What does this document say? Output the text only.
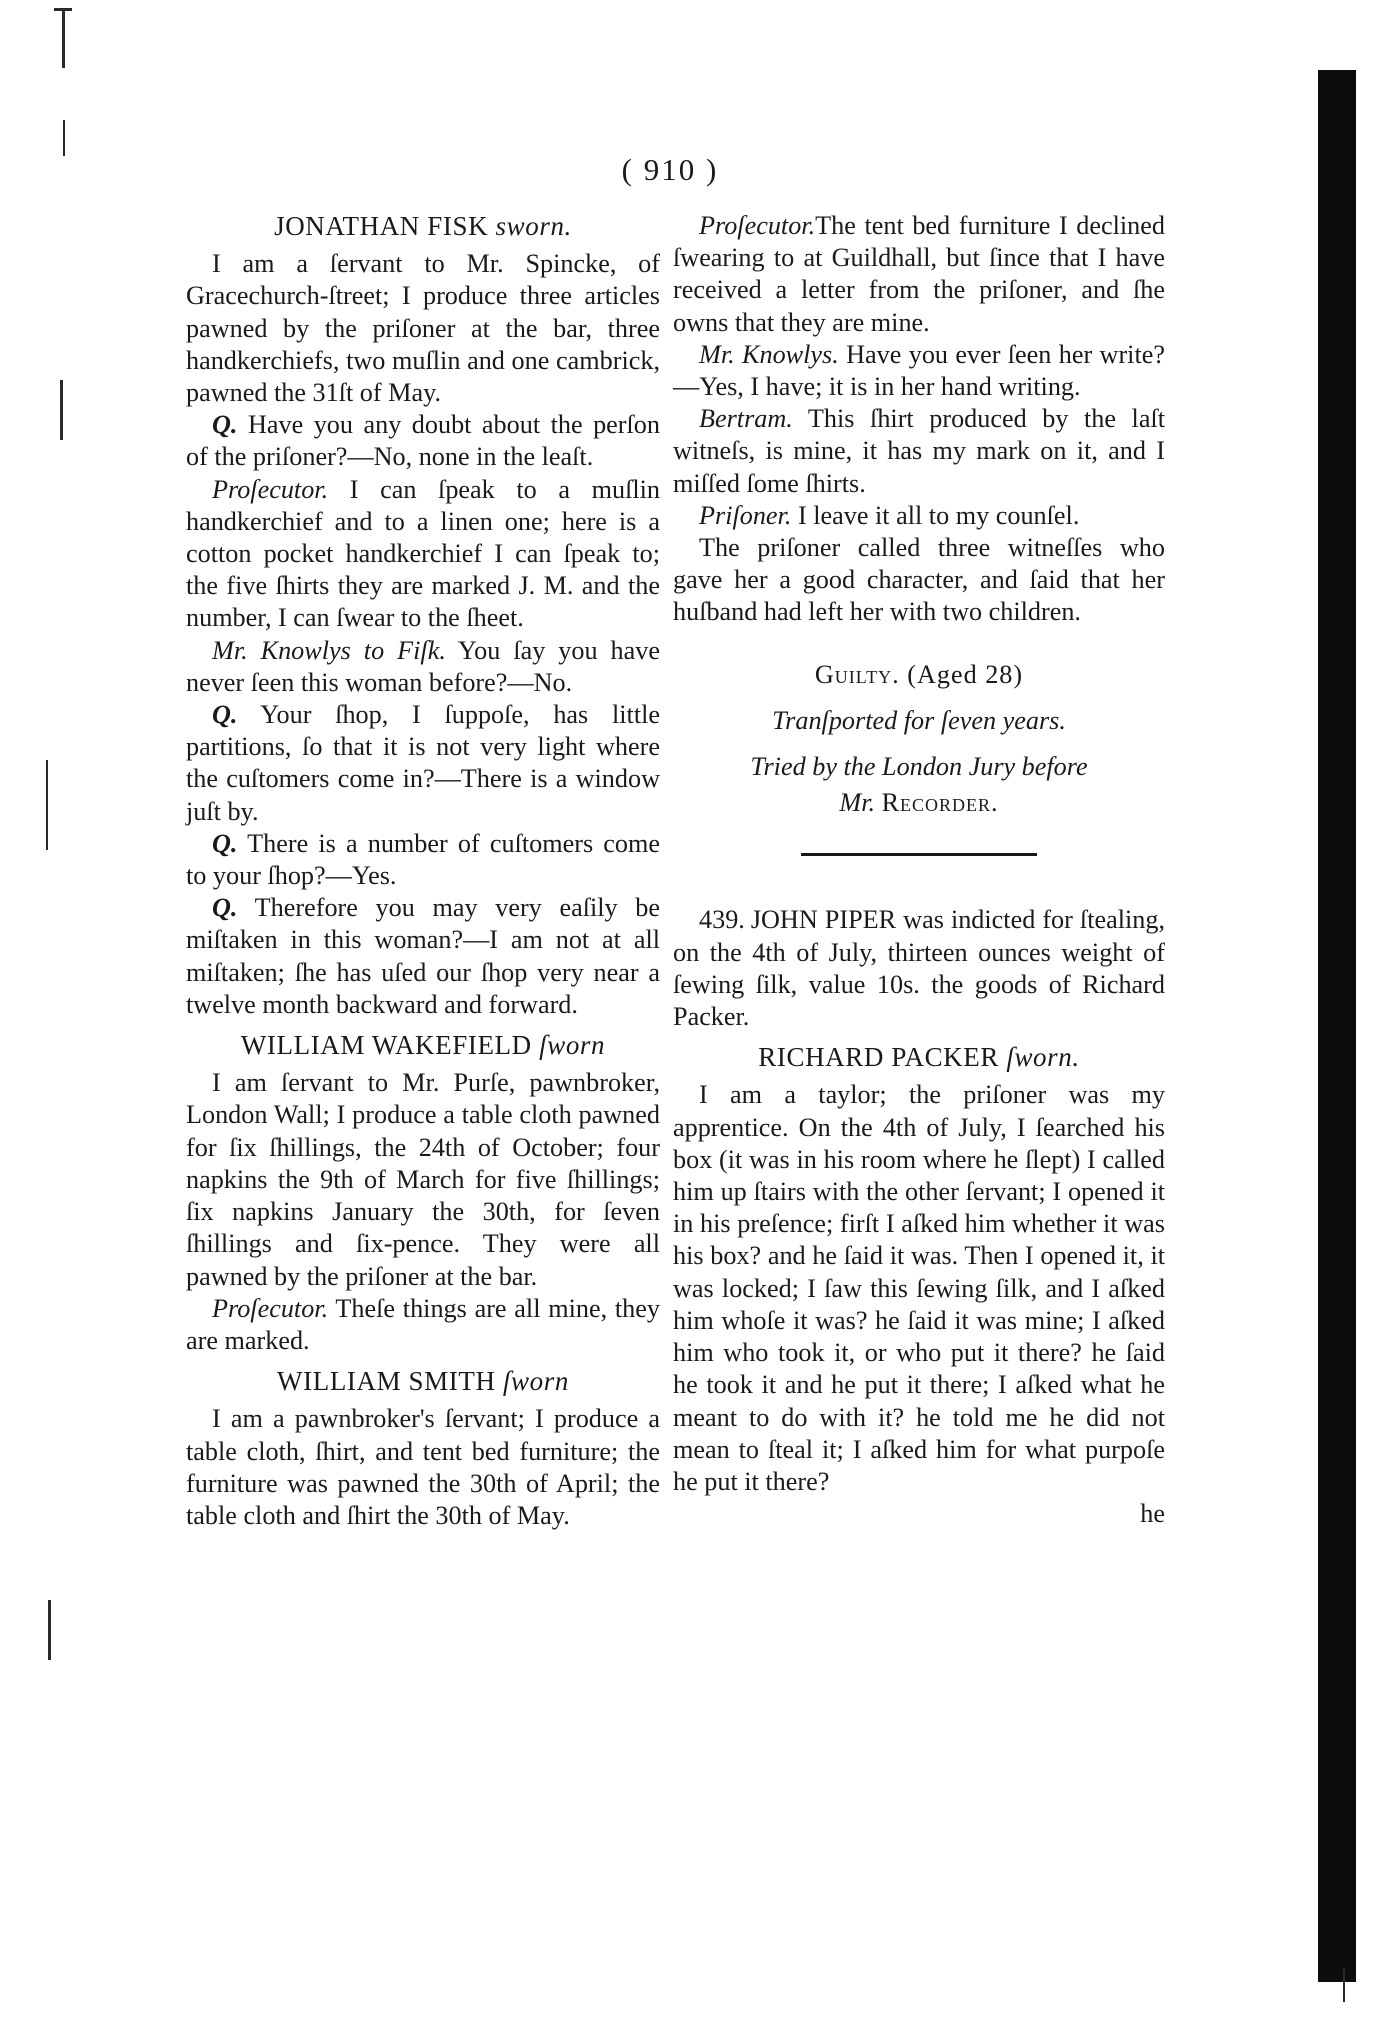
( 910 )

JONATHAN FISK sworn.

I am a ſervant to Mr. Spincke, of Gracechurch-ſtreet; I produce three articles pawned by the priſoner at the bar, three handkerchiefs, two muſlin and one cambrick, pawned the 31ſt of May.

Q. Have you any doubt about the perſon of the priſoner?—No, none in the leaſt.

Proſecutor. I can ſpeak to a muſlin handkerchief and to a linen one; here is a cotton pocket handkerchief I can ſpeak to; the five ſhirts they are marked J. M. and the number, I can ſwear to the ſheet.

Mr. Knowlys to Fiſk. You ſay you have never ſeen this woman before?—No.

Q. Your ſhop, I ſuppoſe, has little partitions, ſo that it is not very light where the cuſtomers come in?—There is a window juſt by.

Q. There is a number of cuſtomers come to your ſhop?—Yes.

Q. Therefore you may very eaſily be miſtaken in this woman?—I am not at all miſtaken; ſhe has uſed our ſhop very near a twelve month backward and forward.

WILLIAM WAKEFIELD ſworn

I am ſervant to Mr. Purſe, pawnbroker, London Wall; I produce a table cloth pawned for ſix ſhillings, the 24th of October; four napkins the 9th of March for five ſhillings; ſix napkins January the 30th, for ſeven ſhillings and ſix-pence. They were all pawned by the priſoner at the bar.

Proſecutor. Theſe things are all mine, they are marked.

WILLIAM SMITH ſworn

I am a pawnbroker's ſervant; I produce a table cloth, ſhirt, and tent bed furniture; the furniture was pawned the 30th of April; the table cloth and ſhirt the 30th of May.

Proſecutor.The tent bed furniture I declined ſwearing to at Guildhall, but ſince that I have received a letter from the priſoner, and ſhe owns that they are mine.

Mr. Knowlys. Have you ever ſeen her write?—Yes, I have; it is in her hand writing.

Bertram. This ſhirt produced by the laſt witneſs, is mine, it has my mark on it, and I miſſed ſome ſhirts.

Priſoner. I leave it all to my counſel.

The priſoner called three witneſſes who gave her a good character, and ſaid that her huſband had left her with two children.

Guilty. (Aged 28)

Tranſported for ſeven years.

Tried by the London Jury before

Mr. Recorder.

439. JOHN PIPER was indicted for ſtealing, on the 4th of July, thirteen ounces weight of ſewing ſilk, value 10s. the goods of Richard Packer.

RICHARD PACKER ſworn.

I am a taylor; the priſoner was my apprentice. On the 4th of July, I ſearched his box (it was in his room where he ſlept) I called him up ſtairs with the other ſervant; I opened it in his preſence; firſt I aſked him whether it was his box? and he ſaid it was. Then I opened it, it was locked; I ſaw this ſewing ſilk, and I aſked him whoſe it was? he ſaid it was mine; I aſked him who took it, or who put it there? he ſaid he took it and he put it there; I aſked what he meant to do with it? he told me he did not mean to ſteal it; I aſked him for what purpoſe he put it there?

he
